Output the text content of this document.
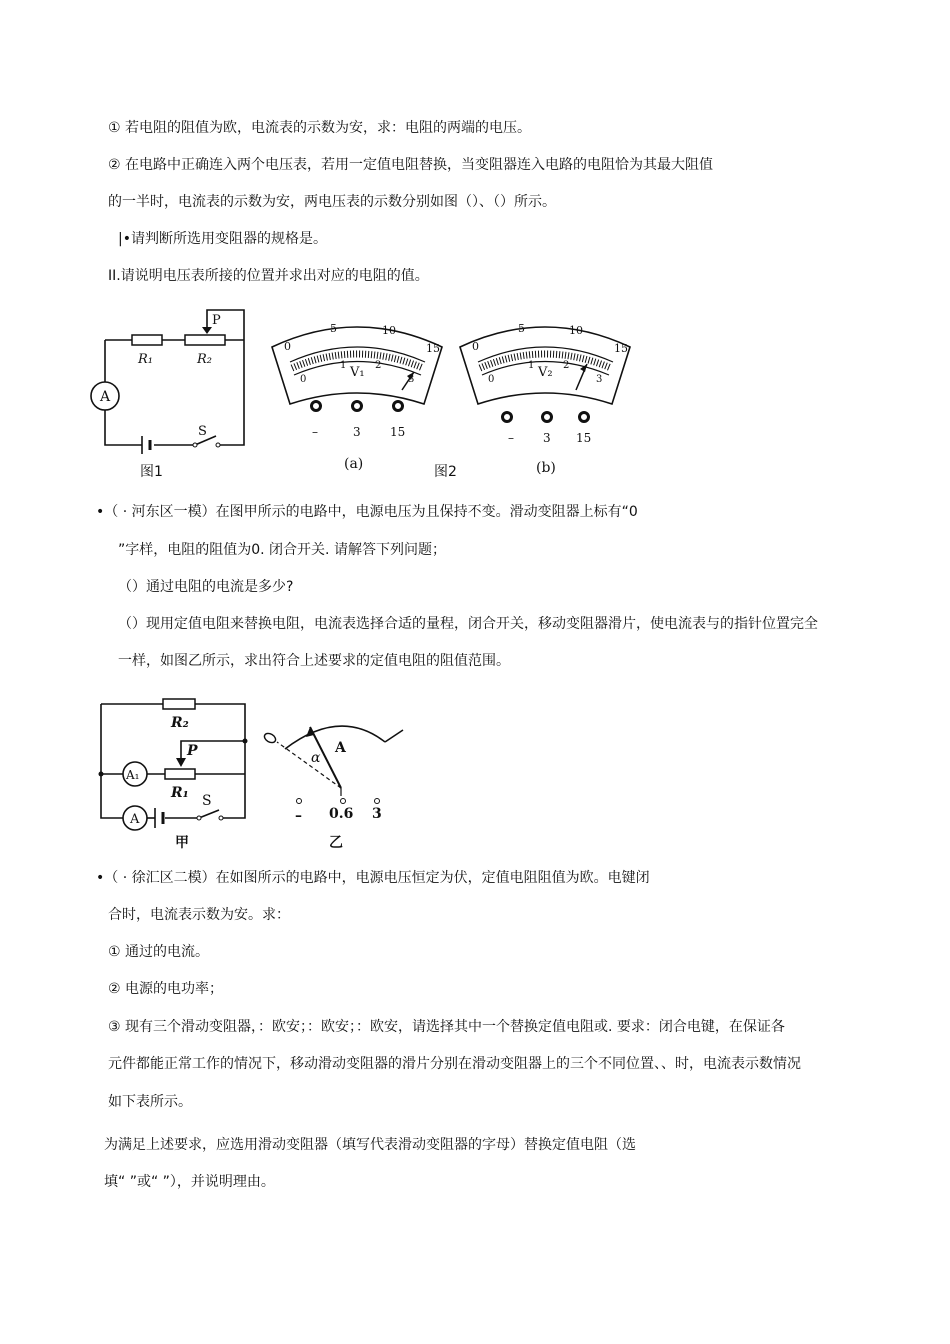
① 若电阻的阻值为欧，电流表的示数为安，求：电阻的两端的电压。
② 在电路中正确连入两个电压表，若用一定值电阻替换，当变阻器连入电路的电阻恰为其最大阻值
的一半时，电流表的示数为安，两电压表的示数分别如图（）、（）所示。
|•请判断所选用变阻器的规格是。
II.请说明电压表所接的位置并求出对应的电阻的值。
R₁	R₂
P
A
S
图1
0
5	10
15
0
1	2
3
V₁
–	3 15
(a)
0
5	10
15
0
1	2
3
V₂
– 3 15
(b)
图2
•（ · 河东区一模）在图甲所示的电路中，电源电压为且保持不变。滑动变阻器上标有“0
”字样，电阻的阻值为0. 闭合开关. 请解答下列问题；
（）通过电阻的电流是多少?
（）现用定值电阻来替换电阻，电流表选择合适的量程，闭合开关，移动变阻器滑片，使电流表与的指针位置完全
一样，如图乙所示，求出符合上述要求的定值电阻的阻值范围。
R₂
P
R₁
A₁
A
S
甲
α
A
– 0.6 3
乙
•（ · 徐汇区二模）在如图所示的电路中，电源电压恒定为伏，定值电阻阻值为欧。电键闭
合时，电流表示数为安。求：
① 通过的电流。
② 电源的电功率；
③ 现有三个滑动变阻器，：欧安；：欧安；：欧安，请选择其中一个替换定值电阻或. 要求：闭合电键，在保证各
元件都能正常工作的情况下，移动滑动变阻器的滑片分别在滑动变阻器上的三个不同位置、、时，电流表示数情况
如下表所示。
为满足上述要求，应选用滑动变阻器（填写代表滑动变阻器的字母）替换定值电阻（选
填“ ”或“ ”），并说明理由。
